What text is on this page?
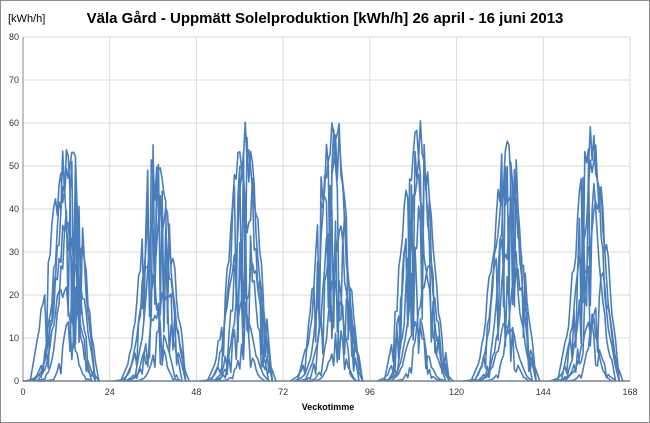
Väla Gård - Uppmätt Solelproduktion [kWh/h] 26 april - 16 juni 2013
[kWh/h]
0
10
20
30
40
50
60
70
80
0	24	48	72	96	120	144	168
Veckotimme
